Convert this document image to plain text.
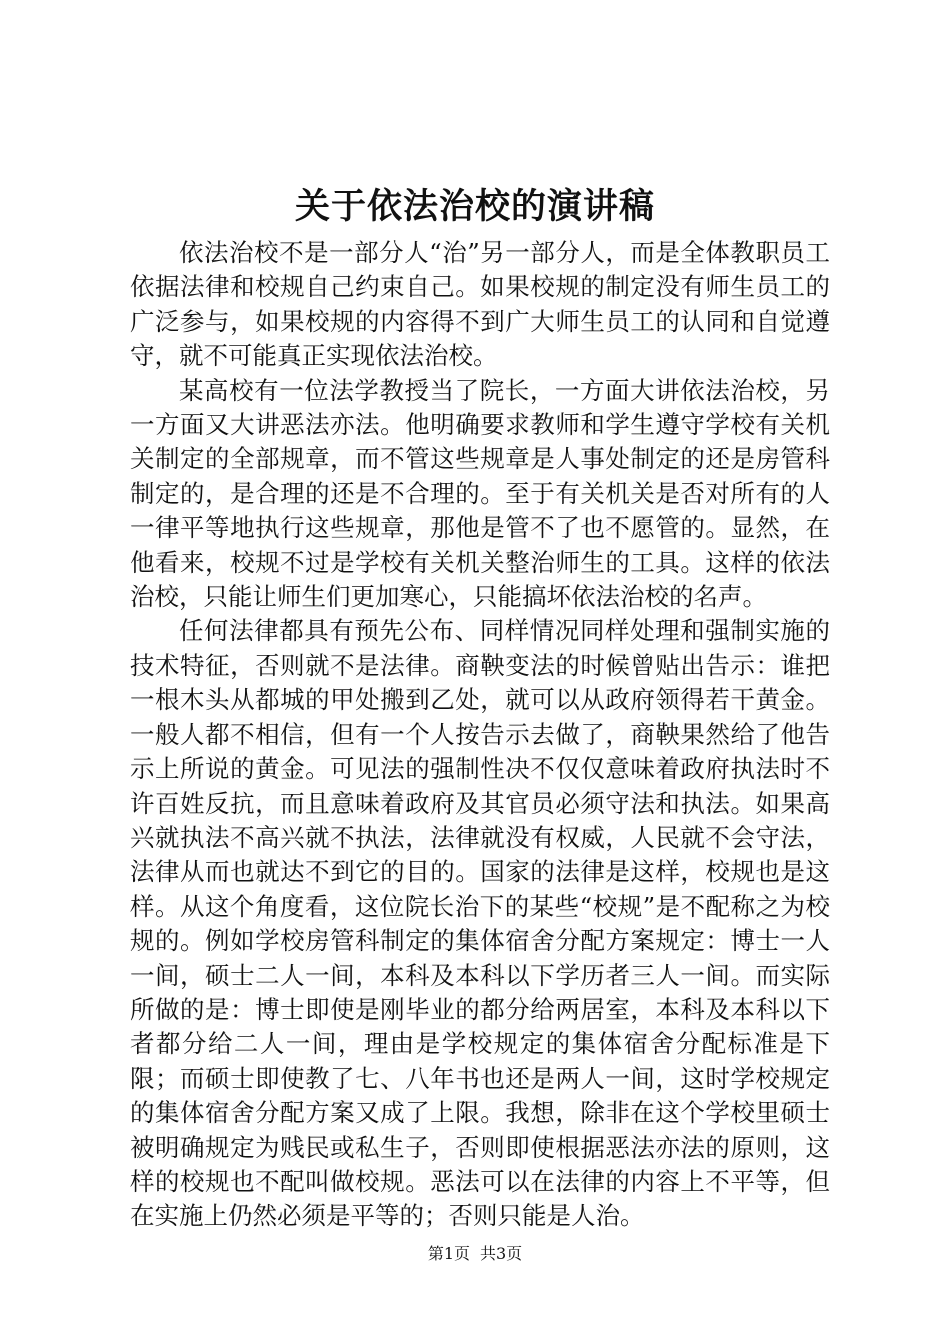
关于依法治校的演讲稿

依法治校不是一部分人“治”另一部分人，而是全体教职员工依据法律和校规自己约束自己。如果校规的制定没有师生员工的广泛参与，如果校规的内容得不到广大师生员工的认同和自觉遵守，就不可能真正实现依法治校。

某高校有一位法学教授当了院长，一方面大讲依法治校，另一方面又大讲恶法亦法。他明确要求教师和学生遵守学校有关机关制定的全部规章，而不管这些规章是人事处制定的还是房管科制定的，是合理的还是不合理的。至于有关机关是否对所有的人一律平等地执行这些规章，那他是管不了也不愿管的。显然，在他看来，校规不过是学校有关机关整治师生的工具。这样的依法治校，只能让师生们更加寒心，只能搞坏依法治校的名声。

任何法律都具有预先公布、同样情况同样处理和强制实施的技术特征，否则就不是法律。商鞅变法的时候曾贴出告示：谁把一根木头从都城的甲处搬到乙处，就可以从政府领得若干黄金。一般人都不相信，但有一个人按告示去做了，商鞅果然给了他告示上所说的黄金。可见法的强制性决不仅仅意味着政府执法时不许百姓反抗，而且意味着政府及其官员必须守法和执法。如果高兴就执法不高兴就不执法，法律就没有权威，人民就不会守法，法律从而也就达不到它的目的。国家的法律是这样，校规也是这样。从这个角度看，这位院长治下的某些“校规”是不配称之为校规的。例如学校房管科制定的集体宿舍分配方案规定：博士一人一间，硕士二人一间，本科及本科以下学历者三人一间。而实际所做的是：博士即使是刚毕业的都分给两居室，本科及本科以下者都分给二人一间，理由是学校规定的集体宿舍分配标准是下限；而硕士即使教了七、八年书也还是两人一间，这时学校规定的集体宿舍分配方案又成了上限。我想，除非在这个学校里硕士被明确规定为贱民或私生子，否则即使根据恶法亦法的原则，这样的校规也不配叫做校规。恶法可以在法律的内容上不平等，但在实施上仍然必须是平等的；否则只能是人治。

第1页 共3页
